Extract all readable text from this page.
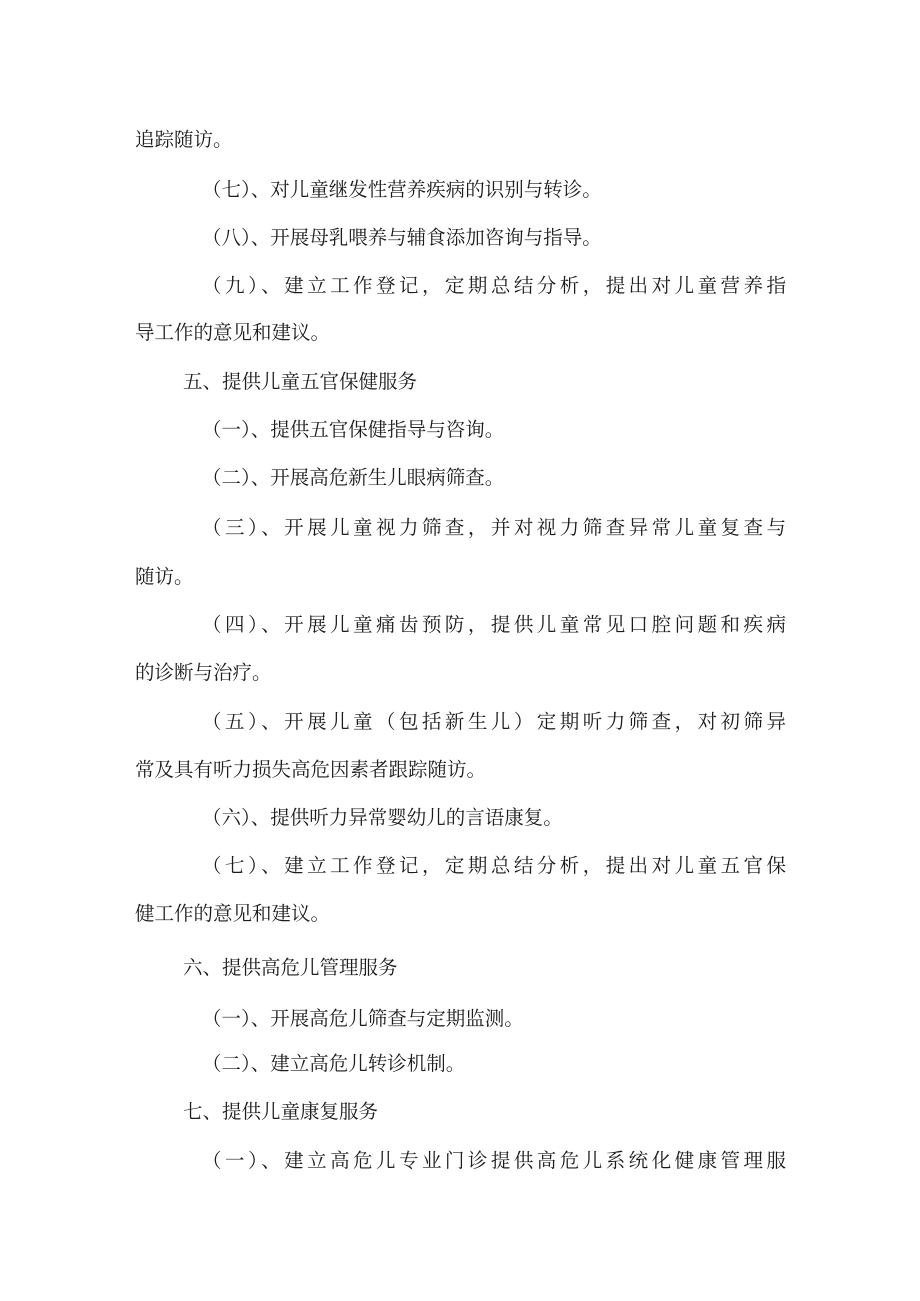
追踪随访。

（七）、对儿童继发性营养疾病的识别与转诊。

（八）、开展母乳喂养与辅食添加咨询与指导。

（九）、建立工作登记，定期总结分析，提出对儿童营养指

导工作的意见和建议。

五、提供儿童五官保健服务

（一）、提供五官保健指导与咨询。

（二）、开展高危新生儿眼病筛查。

（三）、开展儿童视力筛查，并对视力筛查异常儿童复查与

随访。

（四）、开展儿童痛齿预防，提供儿童常见口腔问题和疾病

的诊断与治疗。

（五）、开展儿童（包括新生儿）定期听力筛查，对初筛异

常及具有听力损失高危因素者跟踪随访。

（六）、提供听力异常婴幼儿的言语康复。

（七）、建立工作登记，定期总结分析，提出对儿童五官保

健工作的意见和建议。

六、提供高危儿管理服务

（一）、开展高危儿筛查与定期监测。

（二）、建立高危儿转诊机制。

七、提供儿童康复服务

（一）、建立高危儿专业门诊提供高危儿系统化健康管理服
